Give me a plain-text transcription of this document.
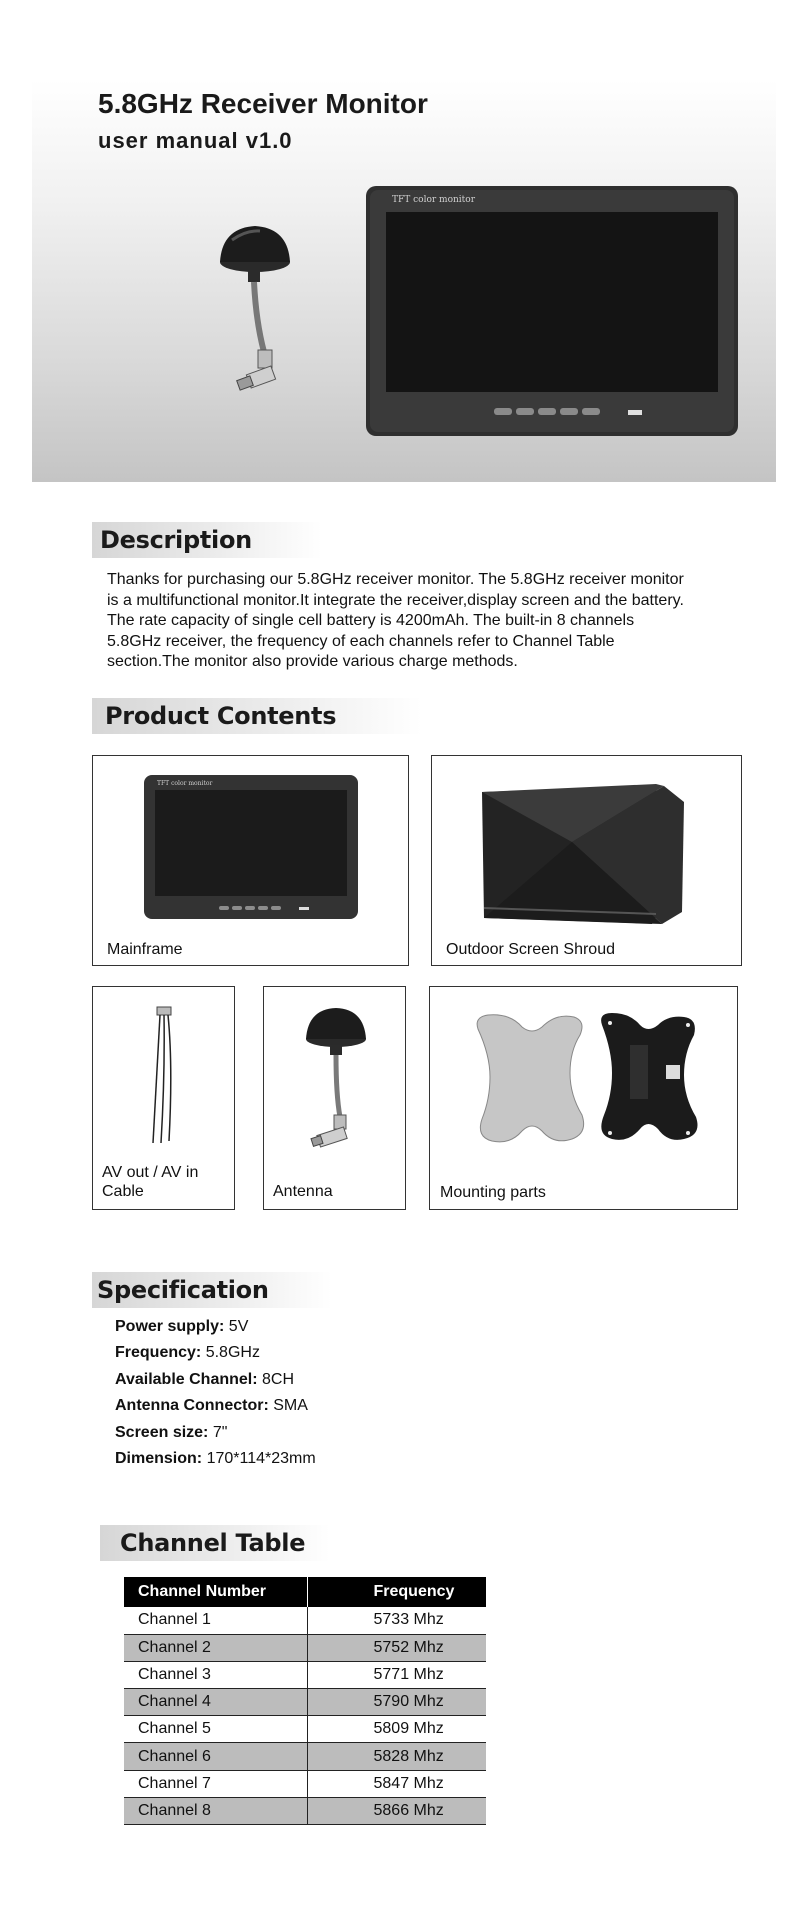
5.8GHz Receiver Monitor
user manual v1.0
TFT color monitor
Description
Thanks for purchasing our 5.8GHz receiver monitor. The 5.8GHz receiver monitor
is a multifunctional monitor.It integrate the receiver,display screen and the battery.
The rate capacity of single cell battery is 4200mAh. The built-in 8 channels
5.8GHz receiver, the frequency of each channels refer to Channel Table
section.The monitor also provide various charge methods.
Product Contents
TFT color monitor
Mainframe	Outdoor Screen Shroud
AV out / AV in
Cable	Antenna	Mounting parts
Specification
Power supply: 5V
Frequency: 5.8GHz
Available Channel: 8CH
Antenna Connector: SMA
Screen size: 7"
Dimension: 170*114*23mm
Channel Table
Channel Number	Frequency
Channel 1	5733 Mhz
Channel 2	5752 Mhz
Channel 3	5771 Mhz
Channel 4	5790 Mhz
Channel 5	5809 Mhz
Channel 6	5828 Mhz
Channel 7	5847 Mhz
Channel 8	5866 Mhz
